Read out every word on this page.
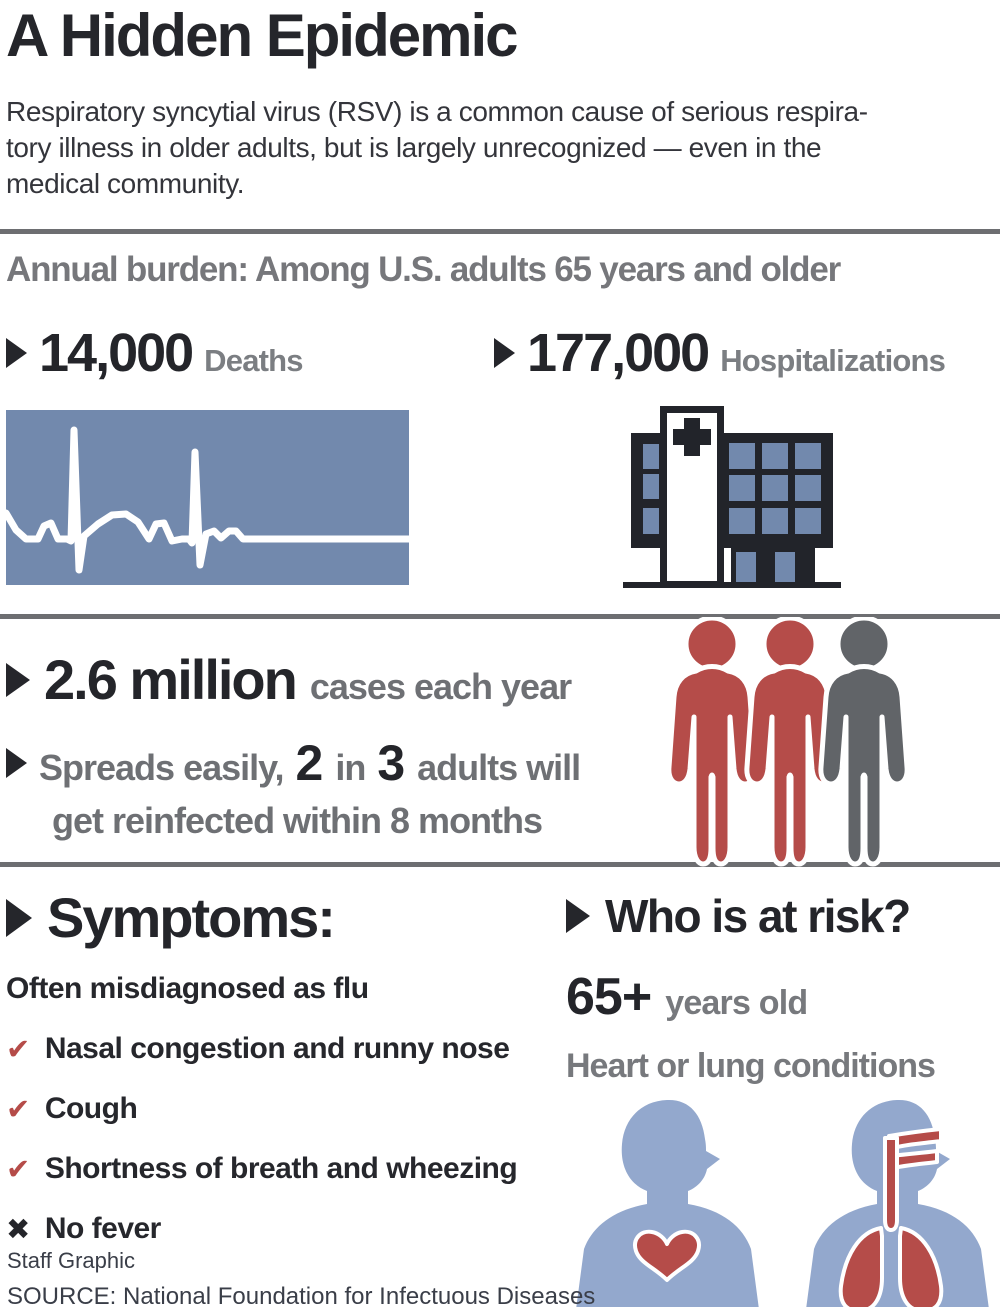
A Hidden Epidemic

Respiratory syncytial virus (RSV) is a common cause of serious respira-
tory illness in older adults, but is largely unrecognized — even in the
medical community.

Annual burden: Among U.S. adults 65 years and older
14,000 Deaths	177,000 Hospitalizations
2.6 million cases each year
Spreads easily, 2 in 3 adults will
get reinfected within 8 months
Symptoms:
Often misdiagnosed as flu
✔ Nasal congestion and runny nose
✔ Cough
✔ Shortness of breath and wheezing
✖ No fever
Who is at risk?
65+ years old
Heart or lung conditions
Staff Graphic
SOURCE: National Foundation for Infectuous Diseases
